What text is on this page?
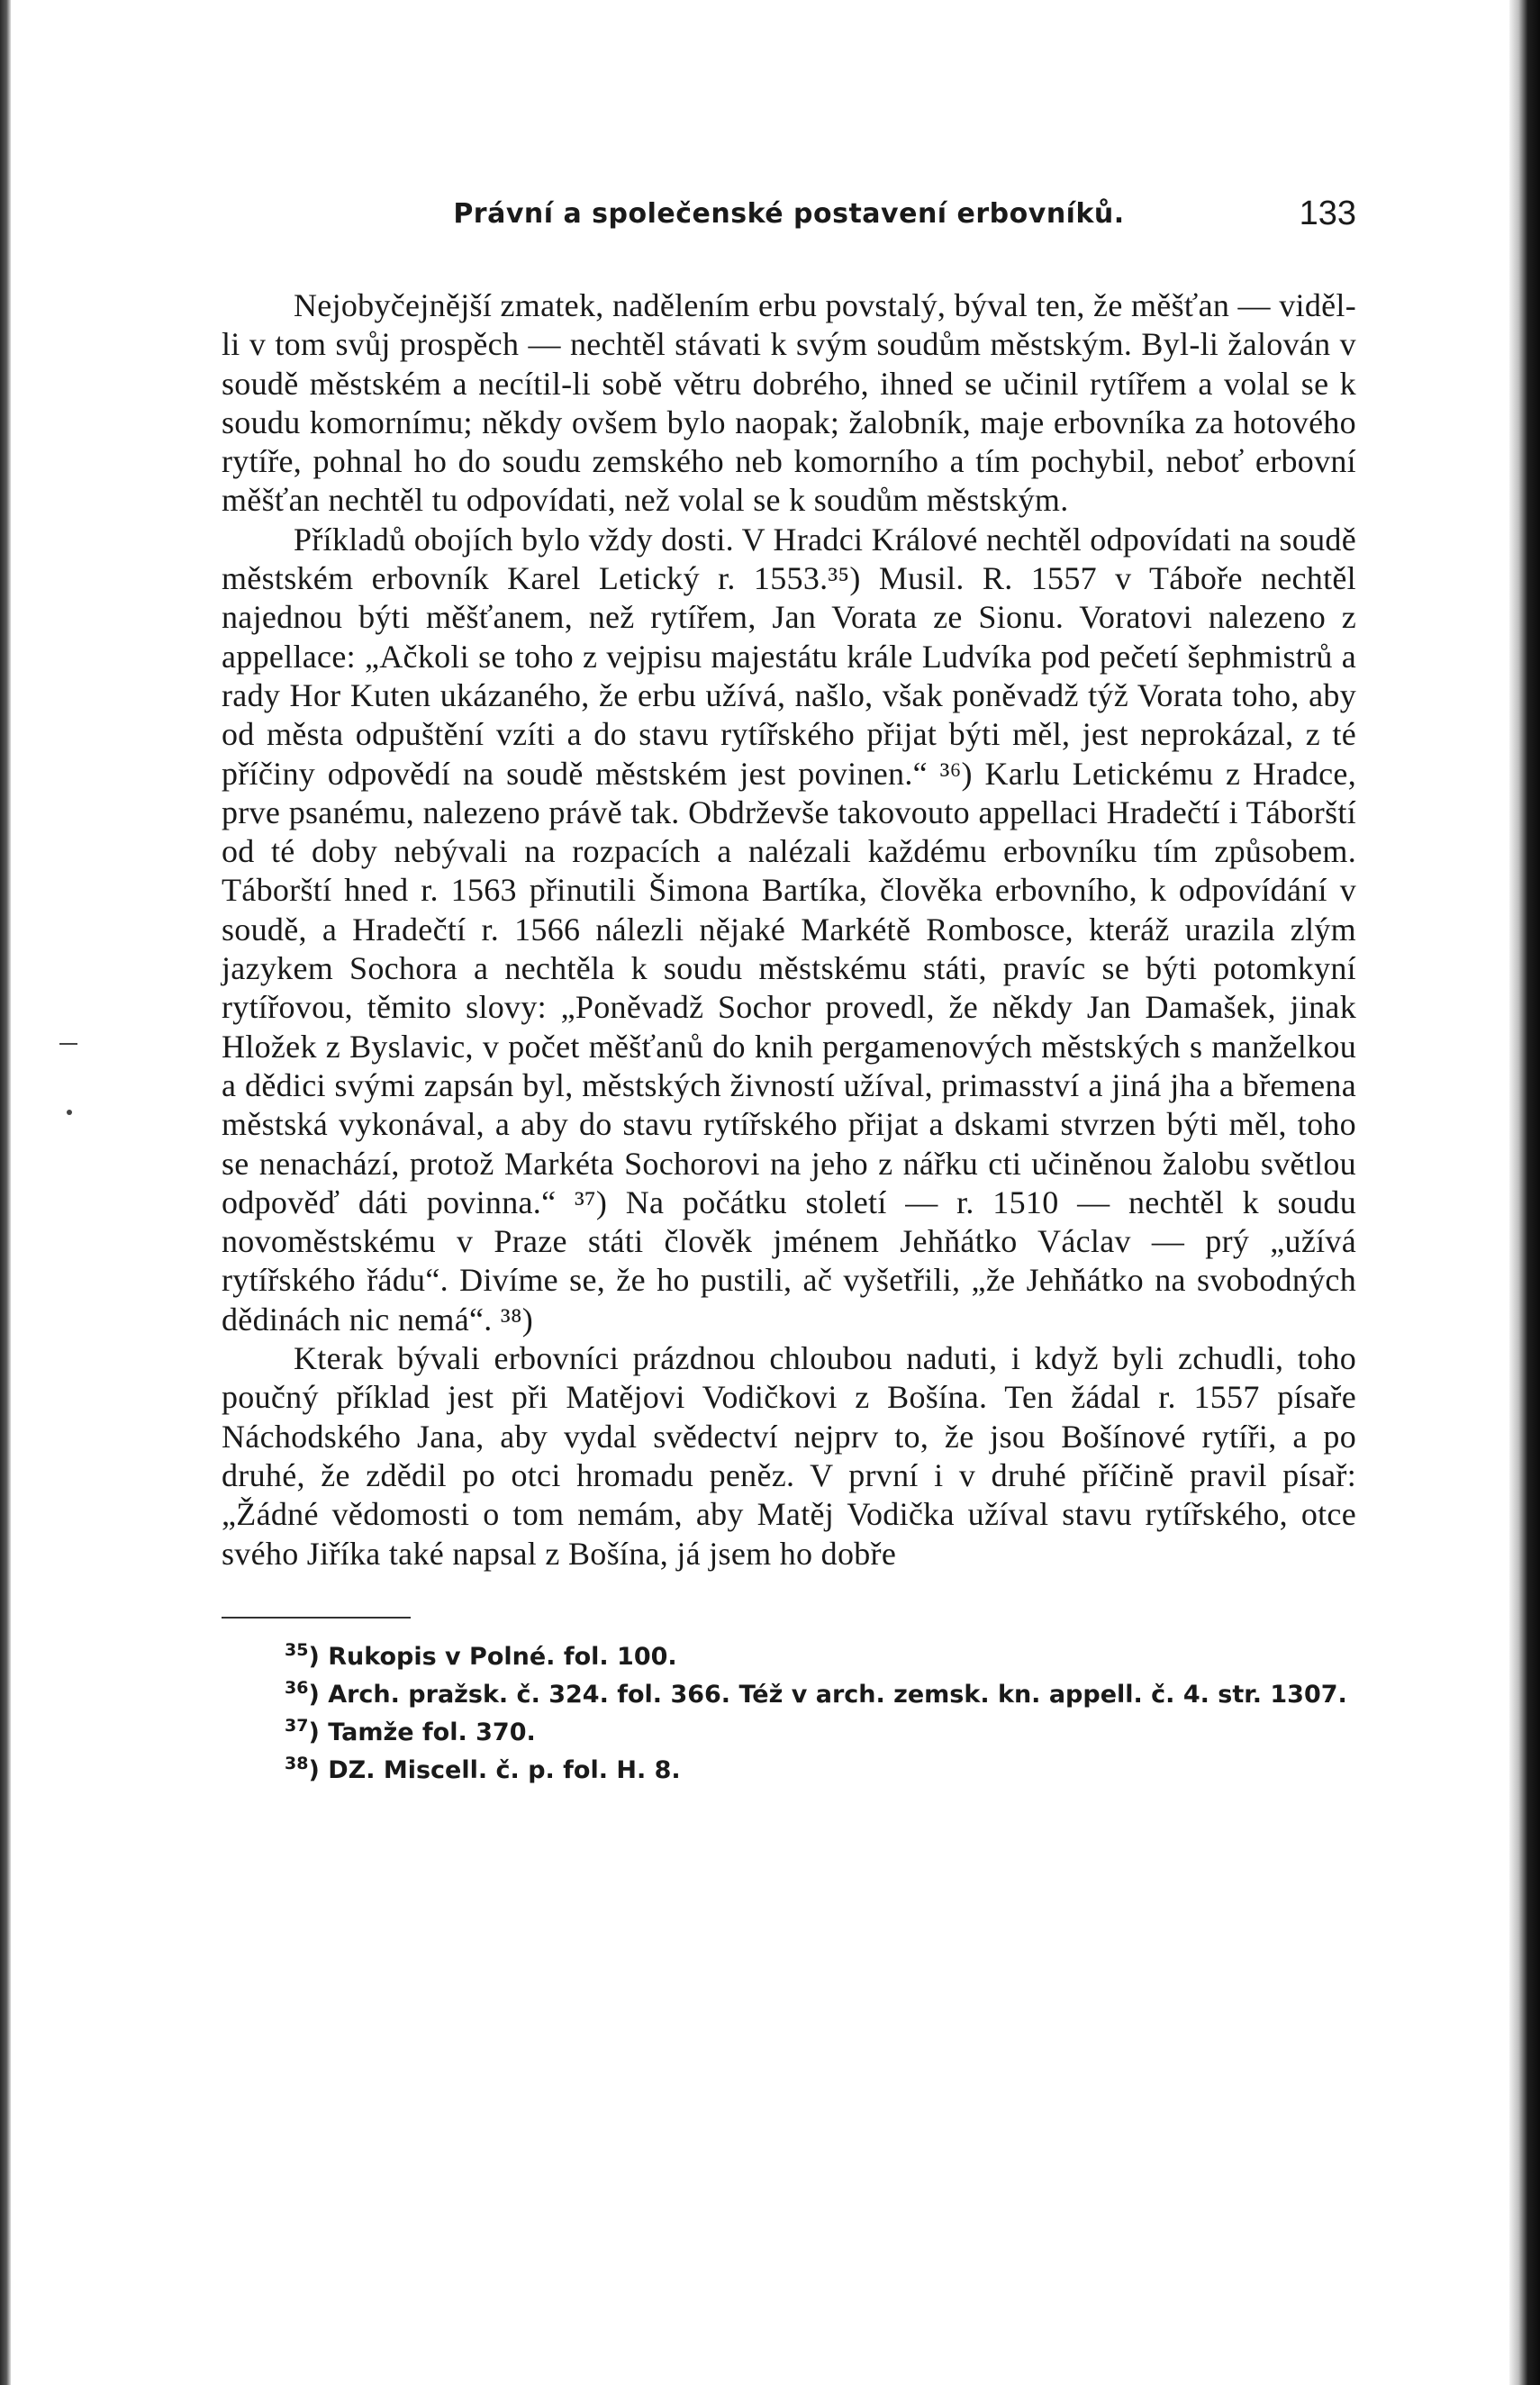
Právní a společenské postavení erbovníků.	133

Nejobyčejnější zmatek, nadělením erbu povstalý, býval ten, že měšťan — viděl-li v tom svůj prospěch — nechtěl stávati k svým soudům městským. Byl-li žalován v soudě městském a necítil-li sobě větru dobrého, ihned se učinil rytířem a volal se k soudu komornímu; někdy ovšem bylo naopak; žalobník, maje erbovníka za hotového rytíře, pohnal ho do soudu zemského neb komorního a tím pochybil, neboť erbovní měšťan nechtěl tu odpovídati, než volal se k soudům městským.

Příkladů obojích bylo vždy dosti. V Hradci Králové nechtěl odpovídati na soudě městském erbovník Karel Letický r. 1553.³⁵) Musil. R. 1557 v Táboře nechtěl najednou býti měšťanem, než rytířem, Jan Vorata ze Sionu. Voratovi nalezeno z appellace: „Ačkoli se toho z vejpisu majestátu krále Ludvíka pod pečetí šephmistrů a rady Hor Kuten ukázaného, že erbu užívá, našlo, však poněvadž týž Vorata toho, aby od města odpuštění vzíti a do stavu rytířského přijat býti měl, jest neprokázal, z té příčiny odpovědí na soudě městském jest povinen.“ ³⁶) Karlu Letickému z Hradce, prve psanému, nalezeno právě tak. Obdrževše takovouto appellaci Hradečtí i Táborští od té doby nebývali na rozpacích a nalézali každému erbovníku tím způsobem. Táborští hned r. 1563 přinutili Šimona Bartíka, člověka erbovního, k odpovídání v soudě, a Hradečtí r. 1566 nálezli nějaké Markétě Rombosce, kteráž urazila zlým jazykem Sochora a nechtěla k soudu městskému státi, pravíc se býti potomkyní rytířovou, těmito slovy: „Poněvadž Sochor provedl, že někdy Jan Damašek, jinak Hložek z Byslavic, v počet měšťanů do knih pergamenových městských s manželkou a dědici svými zapsán byl, městských živností užíval, primasství a jiná jha a břemena městská vykonával, a aby do stavu rytířského přijat a dskami stvrzen býti měl, toho se nenachází, protož Markéta Sochorovi na jeho z nářku cti učiněnou žalobu světlou odpověď dáti povinna.“ ³⁷) Na počátku století — r. 1510 — nechtěl k soudu novoměstskému v Praze státi člověk jménem Jehňátko Václav — prý „užívá rytířského řádu“. Divíme se, že ho pustili, ač vyšetřili, „že Jehňátko na svobodných dědinách nic nemá“. ³⁸)

Kterak bývali erbovníci prázdnou chloubou naduti, i když byli zchudli, toho poučný příklad jest při Matějovi Vodičkovi z Bošína. Ten žádal r. 1557 písaře Náchodského Jana, aby vydal svědectví nejprv to, že jsou Bošínové rytíři, a po druhé, že zdědil po otci hromadu peněz. V první i v druhé příčině pravil písař: „Žádné vědomosti o tom nemám, aby Matěj Vodička užíval stavu rytířského, otce svého Jiříka také napsal z Bošína, já jsem ho dobře

$^{35}$) Rukopis v Polné. fol. 100.

$^{36}$) Arch. pražsk. č. 324. fol. 366. Též v arch. zemsk. kn. appell. č. 4. str. 1307.

$^{37}$) Tamže fol. 370.

$^{38}$) DZ. Miscell. č. p. fol. H. 8.
